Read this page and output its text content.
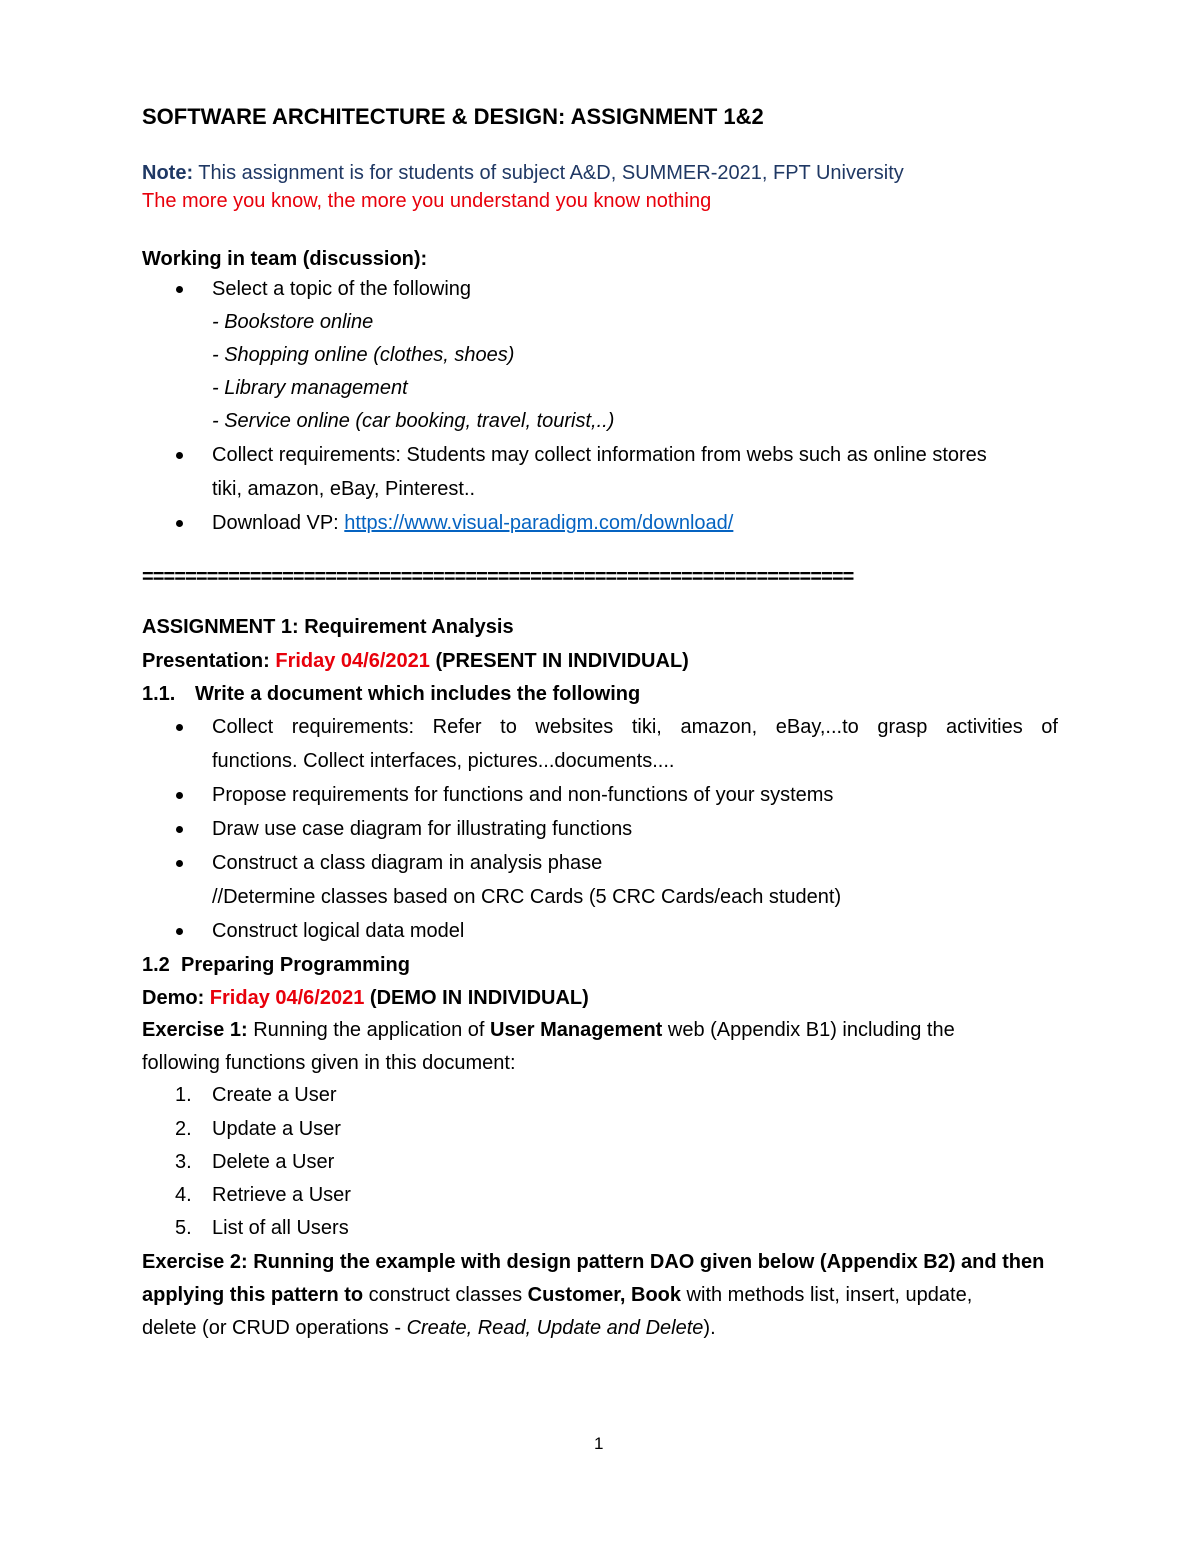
SOFTWARE ARCHITECTURE & DESIGN: ASSIGNMENT 1&2
Note: This assignment is for students of subject A&D, SUMMER-2021, FPT University
The more you know, the more you understand you know nothing
Working in team (discussion):
Select a topic of the following
- Bookstore online
- Shopping online (clothes, shoes)
- Library management
- Service online (car booking, travel, tourist,..)
Collect requirements: Students may collect information from webs such as online stores
tiki, amazon, eBay, Pinterest..
Download VP: https://www.visual-paradigm.com/download/
==================================================================
ASSIGNMENT 1: Requirement Analysis
Presentation: Friday 04/6/2021 (PRESENT IN INDIVIDUAL)
1.1. Write a document which includes the following
Collect requirements: Refer to websites tiki, amazon, eBay,...to grasp activities of
functions. Collect interfaces, pictures...documents....
Propose requirements for functions and non-functions of your systems
Draw use case diagram for illustrating functions
Construct a class diagram in analysis phase
//Determine classes based on CRC Cards (5 CRC Cards/each student)
Construct logical data model
1.2 Preparing Programming
Demo: Friday 04/6/2021 (DEMO IN INDIVIDUAL)
Exercise 1: Running the application of User Management web (Appendix B1) including the
following functions given in this document:
1. Create a User
2. Update a User
3. Delete a User
4. Retrieve a User
5. List of all Users
Exercise 2: Running the example with design pattern DAO given below (Appendix B2) and then
applying this pattern to construct classes Customer, Book with methods list, insert, update,
delete (or CRUD operations - Create, Read, Update and Delete).
1
